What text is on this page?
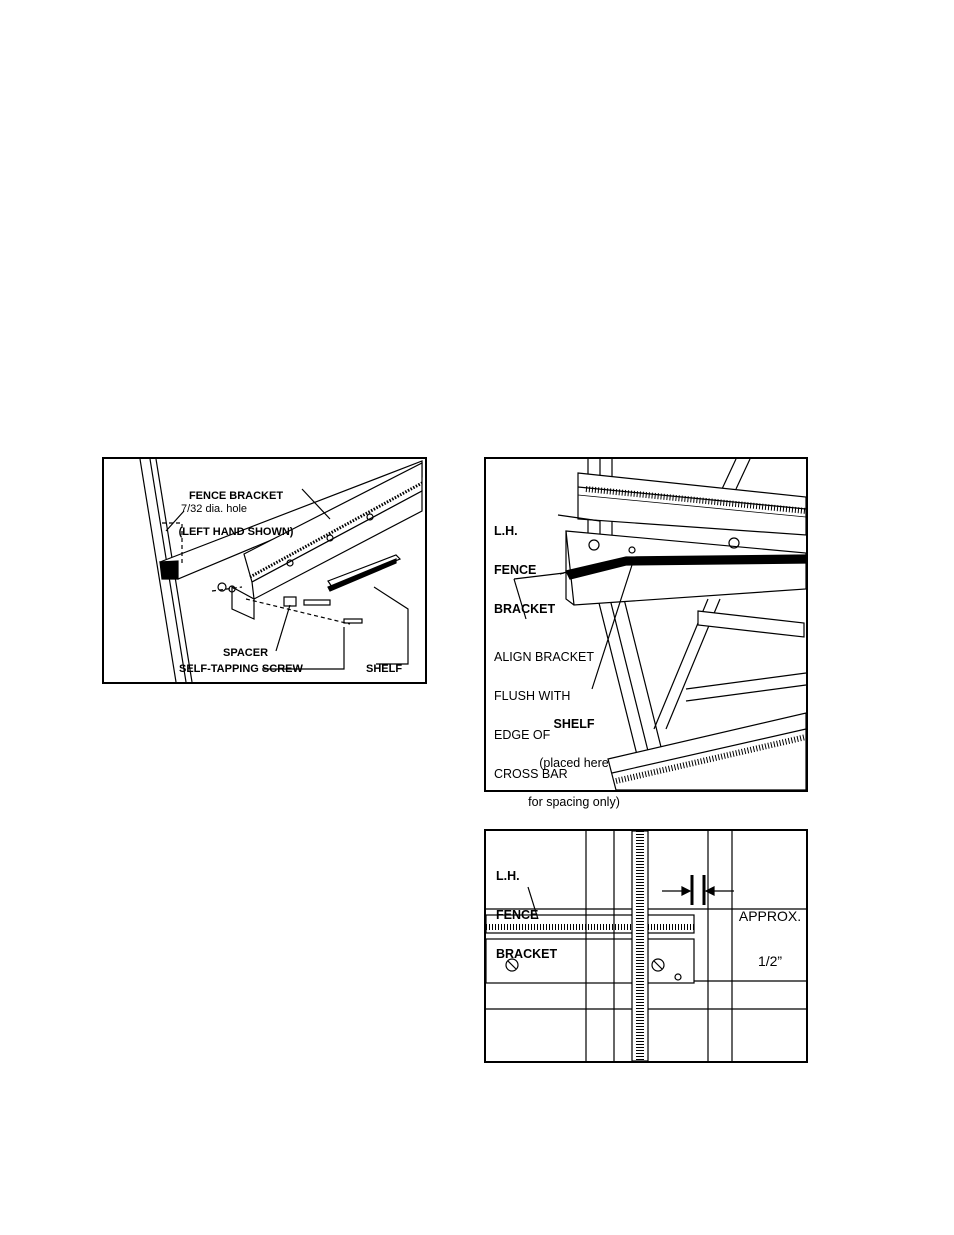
FENCE BRACKET

(LEFT HAND SHOWN)

7/32 dia. hole
SPACER
SELF-TAPPING SCREW	SHELF

L.H.

FENCE

BRACKET

ALIGN BRACKET

FLUSH WITH

EDGE OF

CROSS BAR

SHELF

(placed here

for spacing only)

L.H.

FENCE

BRACKET

APPROX.

1/2”
